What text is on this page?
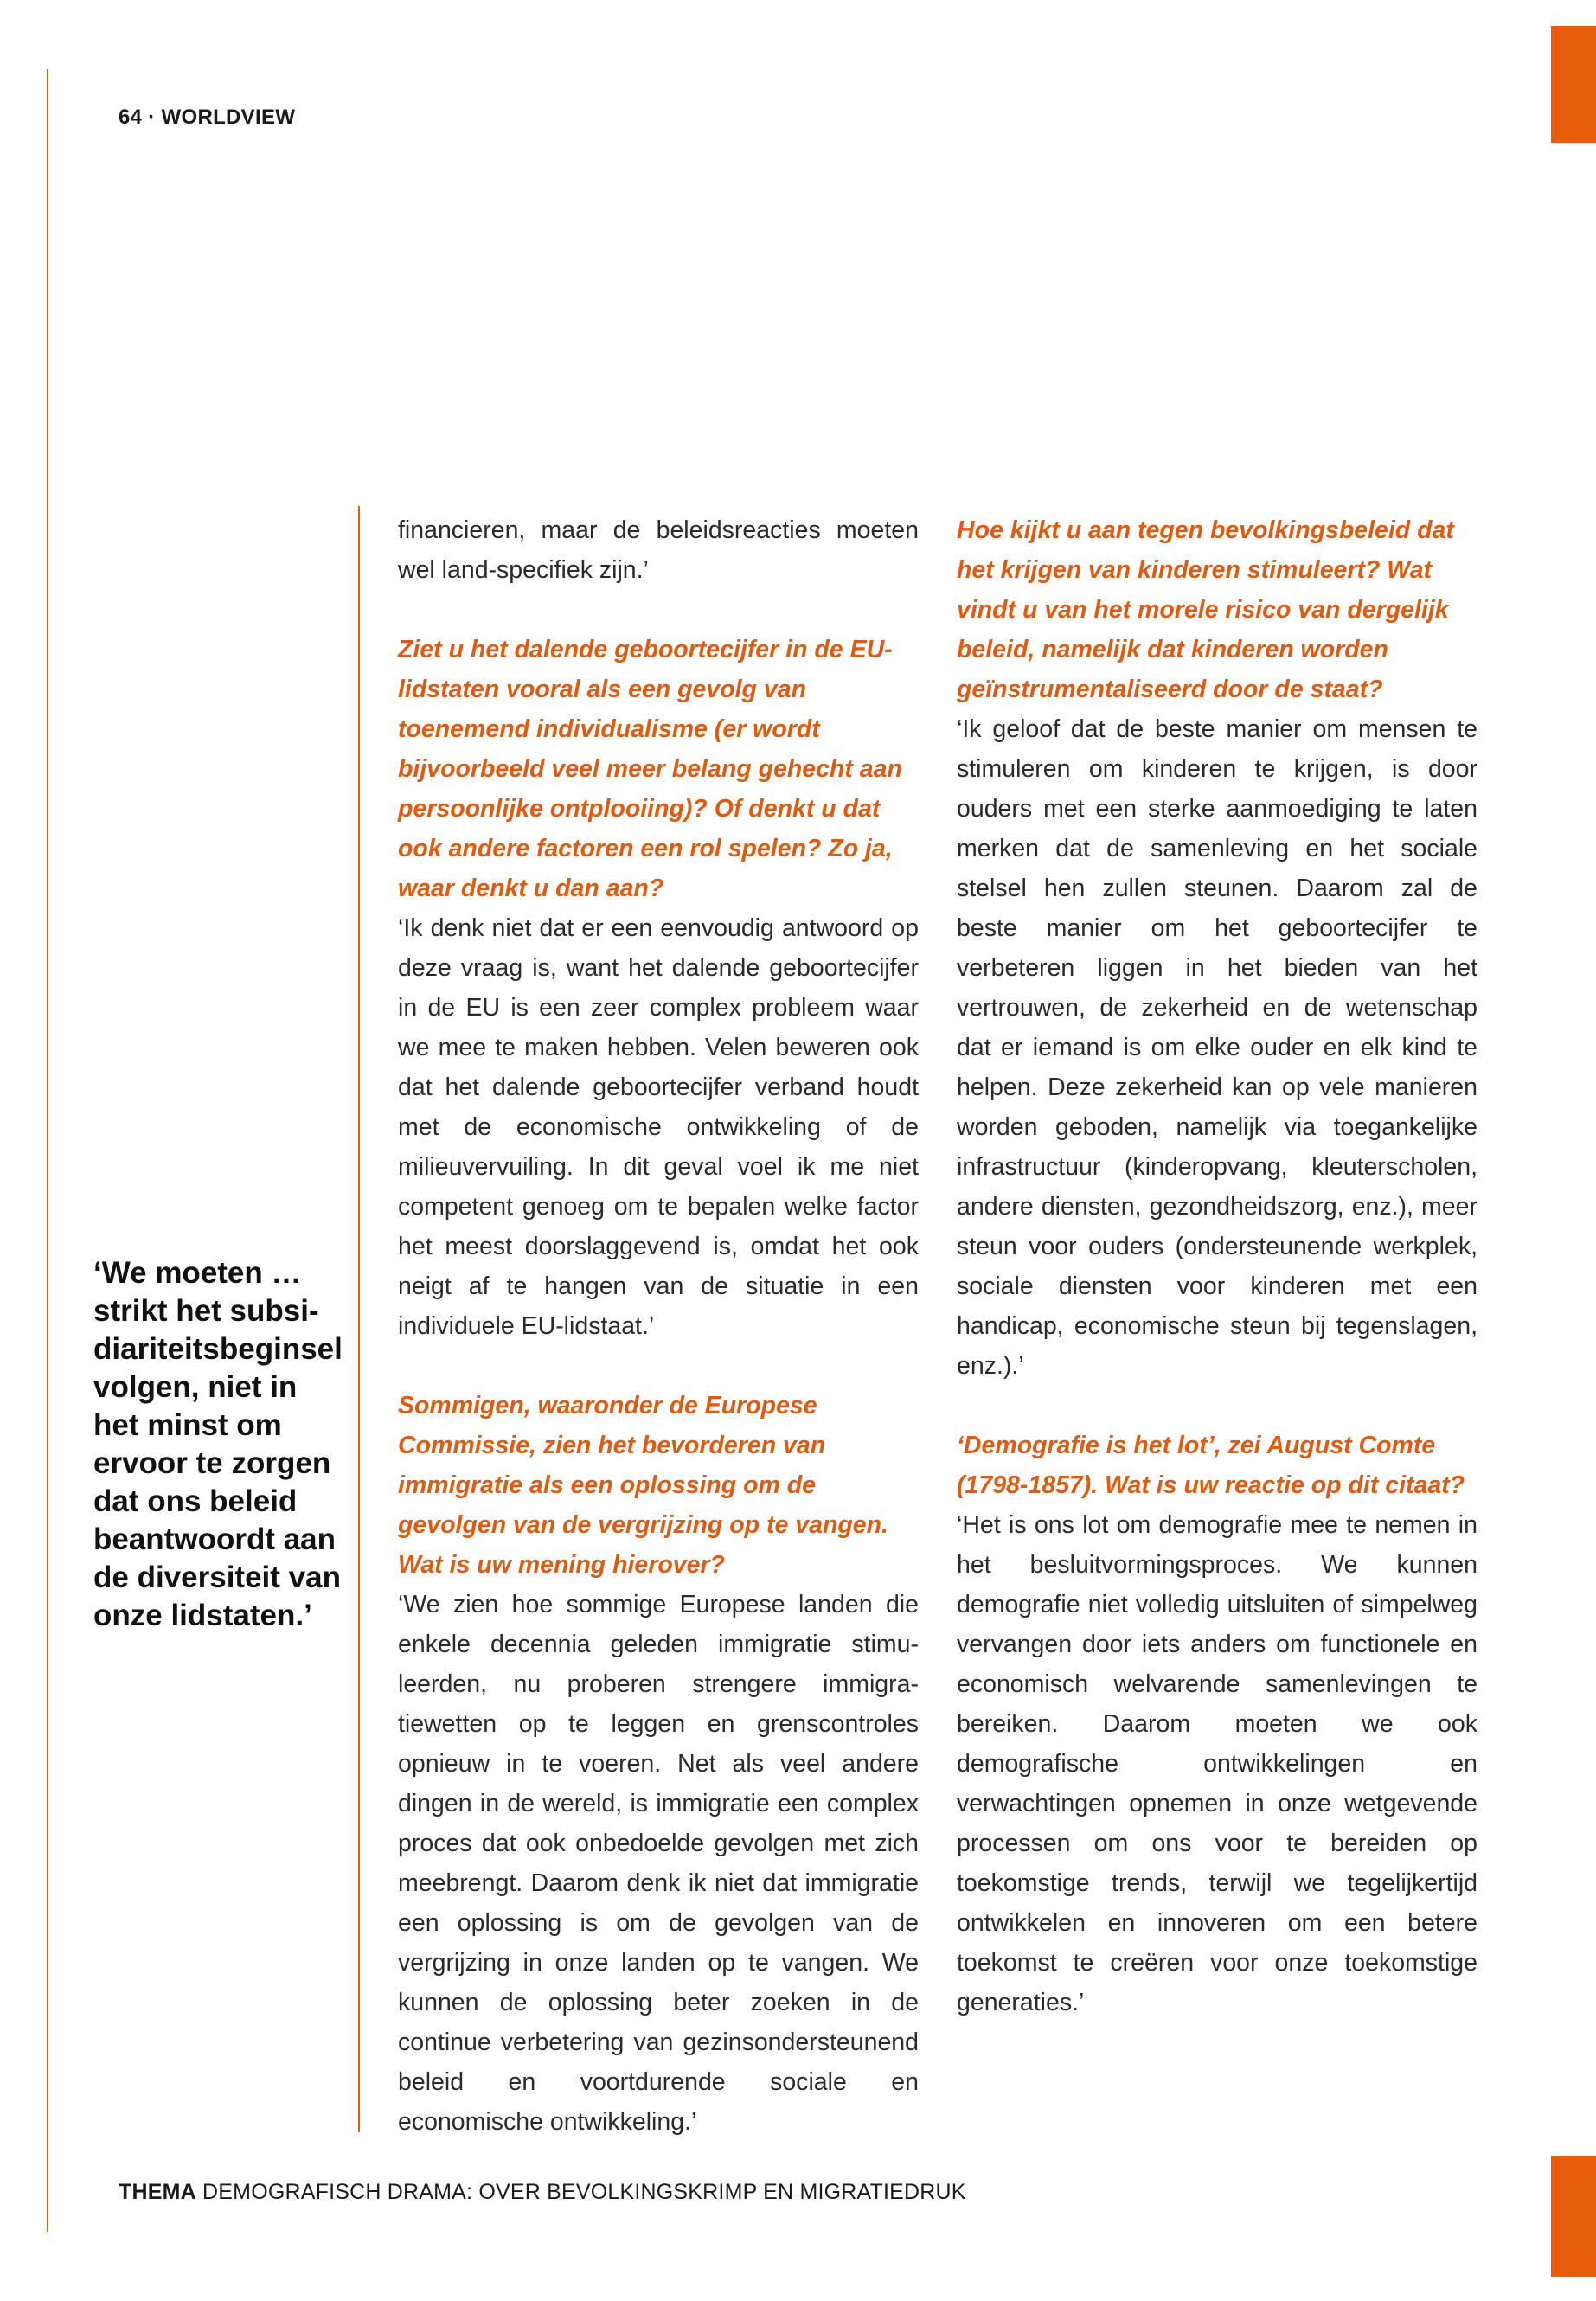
64 · WORLDVIEW
‘We moeten … strikt het subsidiariteitsbeginsel volgen, niet in het minst om ervoor te zorgen dat ons beleid beantwoordt aan de diversiteit van onze lidstaten.’

financieren, maar de beleidsreacties moeten wel land-specifiek zijn.’

Ziet u het dalende geboortecijfer in de EU-lidstaten vooral als een gevolg van toenemend individualisme (er wordt bijvoorbeeld veel meer belang gehecht aan persoonlijke ontplooiing)? Of denkt u dat ook andere factoren een rol spelen? Zo ja, waar denkt u dan aan?

‘Ik denk niet dat er een eenvoudig antwoord op deze vraag is, want het dalende geboortecijfer in de EU is een zeer complex probleem waar we mee te maken hebben. Velen beweren ook dat het dalende geboortecijfer verband houdt met de economische ontwikkeling of de milieuvervuiling. In dit geval voel ik me niet competent genoeg om te bepalen welke factor het meest doorslaggevend is, omdat het ook neigt af te hangen van de situatie in een individuele EU-lidstaat.’

Sommigen, waaronder de Europese Commissie, zien het bevorderen van immigratie als een oplossing om de gevolgen van de vergrijzing op te vangen. Wat is uw mening hierover?

‘We zien hoe sommige Europese landen die enkele decennia geleden immigratie stimuleerden, nu proberen strengere immigratiewetten op te leggen en grenscontroles opnieuw in te voeren. Net als veel andere dingen in de wereld, is immigratie een complex proces dat ook onbedoelde gevolgen met zich meebrengt. Daarom denk ik niet dat immigratie een oplossing is om de gevolgen van de vergrijzing in onze landen op te vangen. We kunnen de oplossing beter zoeken in de continue verbetering van gezinsondersteunend beleid en voortdurende sociale en economische ontwikkeling.’

Hoe kijkt u aan tegen bevolkingsbeleid dat het krijgen van kinderen stimuleert? Wat vindt u van het morele risico van dergelijk beleid, namelijk dat kinderen worden geïnstrumentaliseerd door de staat?

‘Ik geloof dat de beste manier om mensen te stimuleren om kinderen te krijgen, is door ouders met een sterke aanmoediging te laten merken dat de samenleving en het sociale stelsel hen zullen steunen. Daarom zal de beste manier om het geboortecijfer te verbeteren liggen in het bieden van het vertrouwen, de zekerheid en de wetenschap dat er iemand is om elke ouder en elk kind te helpen. Deze zekerheid kan op vele manieren worden geboden, namelijk via toegankelijke infrastructuur (kinderopvang, kleuterscholen, andere diensten, gezondheidszorg, enz.), meer steun voor ouders (ondersteunende werkplek, sociale diensten voor kinderen met een handicap, economische steun bij tegenslagen, enz.).’

‘Demografie is het lot’, zei August Comte (1798-1857). Wat is uw reactie op dit citaat?

‘Het is ons lot om demografie mee te nemen in het besluitvormingsproces. We kunnen demografie niet volledig uitsluiten of simpelweg vervangen door iets anders om functionele en economisch welvarende samenlevingen te bereiken. Daarom moeten we ook demografische ontwikkelingen en verwachtingen opnemen in onze wetgevende processen om ons voor te bereiden op toekomstige trends, terwijl we tegelijkertijd ontwikkelen en innoveren om een betere toekomst te creëren voor onze toekomstige generaties.’

THEMA DEMOGRAFISCH DRAMA: OVER BEVOLKINGSKRIMP EN MIGRATIEDRUK
